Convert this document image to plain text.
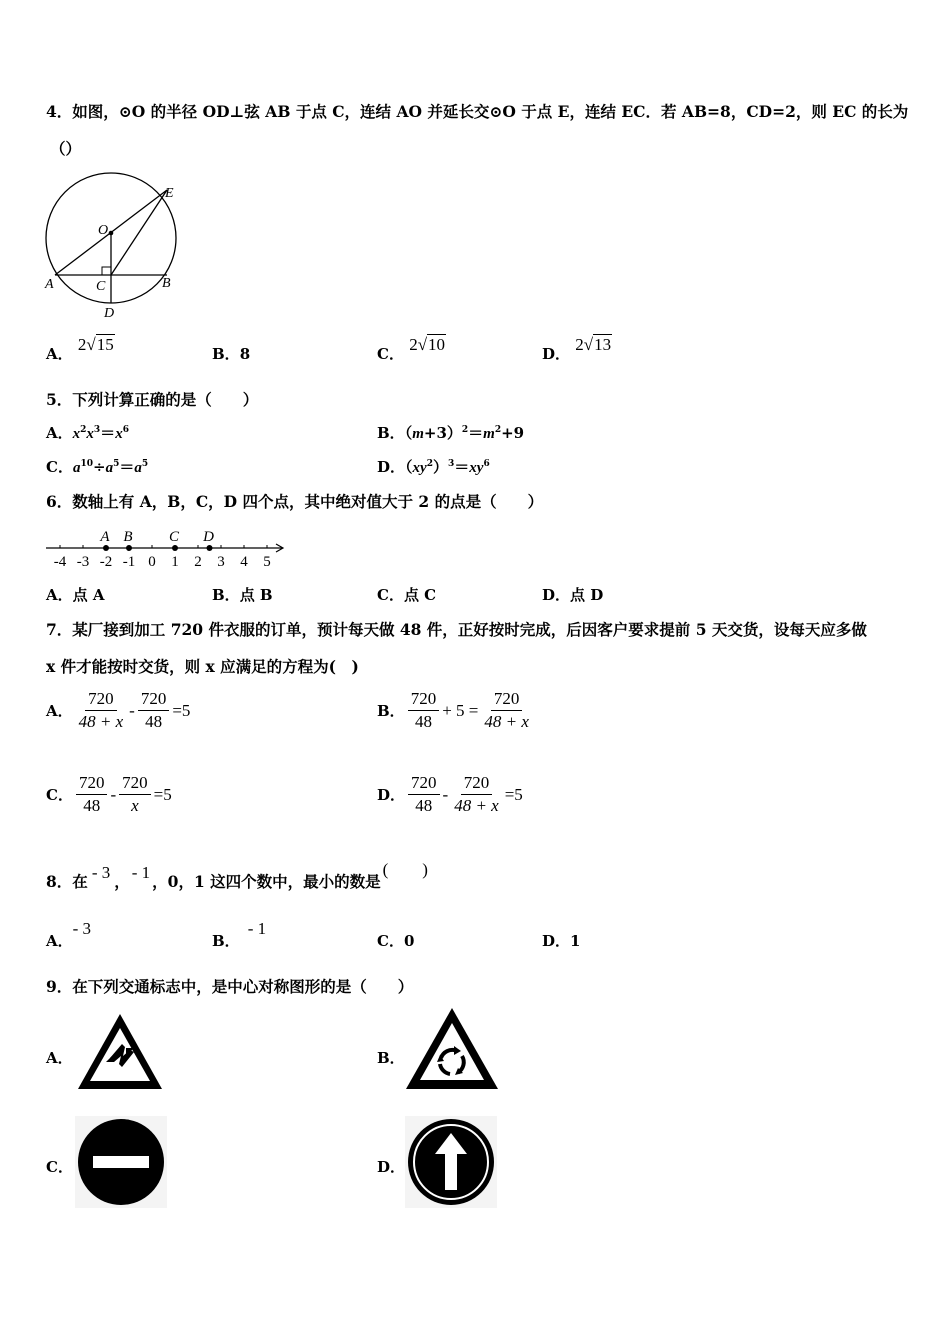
4．如图，⊙O 的半径 OD⊥弦 AB 于点 C，连结 AO 并延长交⊙O 于点 E，连结 EC．若 AB=8，CD=2，则 EC 的长为
（）
O
E
A	B
C
D
A． 2√15	B．8	C． 2√10	D． 2√13
5．下列计算正确的是（　　）
A．$x^2x^3=x^6$	B．$(m+3)^2=m^2+9$
C．$a^{10}\div a^5=a^5$	D．$(xy^2)^3=xy^6$
6．数轴上有 A，B，C，D 四个点，其中绝对值大于 2 的点是（　　）
-4 -3 -2 -1 0 1 2 3 4 5
A B C D
A．点 A	B．点 B	C．点 C	D．点 D
7．某厂接到加工 720 件衣服的订单，预计每天做 48 件，正好按时完成，后因客户要求提前 5 天交货，设每天应多做
x 件才能按时交货，则 x 应满足的方程为(　)
A． $\frac{720}{48 + x} - \frac{720}{48} =5$	B． $\frac{720}{48} + 5 = \frac{720}{48 + x}$
C． $\frac{720}{48} - \frac{720}{x} =5$	D． $\frac{720}{48} - \frac{720}{48 + x} =5$
8．在 - 3 ， - 1 ，0，1 这四个数中，最小的数是(　　)
A．- 3
B．- 1
C．0	D．1
9．在下列交通标志中，是中心对称图形的是（　　）
A．	B．
C．	D．
